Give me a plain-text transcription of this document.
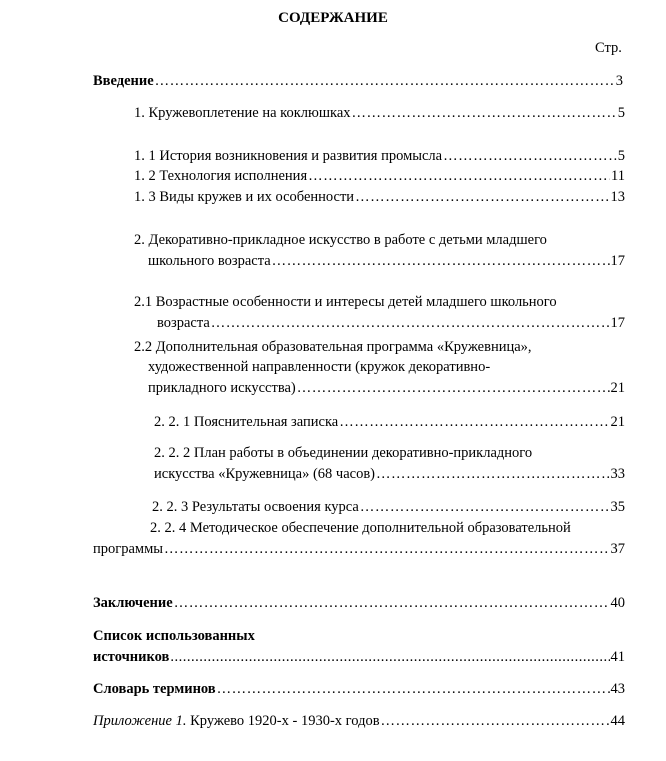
СОДЕРЖАНИЕ
Стр.
Введение ………………………………………………………………………………………………………………………………………………………………………………………………………………………	3
1. Кружевоплетение на коклюшках ………………………………………………………………………………………………………………………………………………………………………………………………………………………	5
1. 1 История возникновения и развития промысла ………………………………………………………………………………………………………………………………………………………………………………………………………………………	5
1. 2 Технология исполнения ………………………………………………………………………………………………………………………………………………………………………………………………………………………	11
1. 3 Виды кружев и их особенности ………………………………………………………………………………………………………………………………………………………………………………………………………………………	13
2. Декоративно-прикладное искусство в работе с детьми младшего
школьного возраста ………………………………………………………………………………………………………………………………………………………………………………………………………………………	17
2.1 Возрастные особенности и интересы детей младшего школьного
возраста ………………………………………………………………………………………………………………………………………………………………………………………………………………………	17
2.2 Дополнительная образовательная программа «Кружевница»,
художественной направленности (кружок декоративно-
прикладного искусства) ………………………………………………………………………………………………………………………………………………………………………………………………………………………	21
2. 2. 1 Пояснительная записка ………………………………………………………………………………………………………………………………………………………………………………………………………………………	21
2. 2. 2 План работы в объединении декоративно-прикладного
искусства «Кружевница» (68 часов) ………………………………………………………………………………………………………………………………………………………………………………………………………………………	33
2. 2. 3 Результаты освоения курса ………………………………………………………………………………………………………………………………………………………………………………………………………………………	35
2. 2. 4 Методическое обеспечение дополнительной образовательной
программы ………………………………………………………………………………………………………………………………………………………………………………………………………………………	37
Заключение ………………………………………………………………………………………………………………………………………………………………………………………………………………………	40
Список использованных
источников .....	41
Словарь терминов ………………………………………………………………………………………………………………………………………………………………………………………………………………………	43
Приложение 1. Кружево 1920-х - 1930-х годов ………………………………………………………………………………………………………………………………………………………………………………………………………………………	44
